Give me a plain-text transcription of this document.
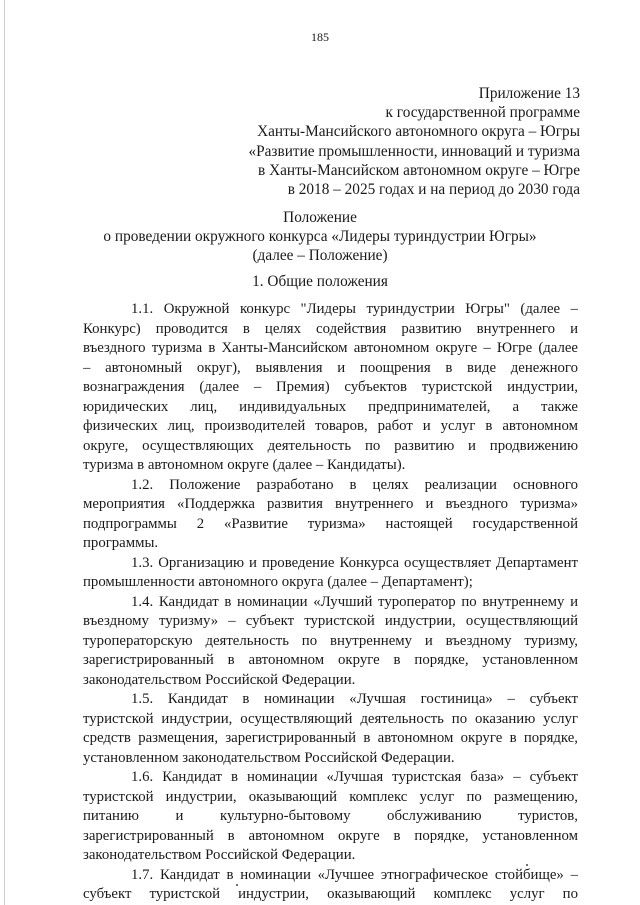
185
Приложение 13
к государственной программе
Ханты-Мансийского автономного округа – Югры
«Развитие промышленности, инноваций и туризма
в Ханты-Мансийском автономном округе – Югре
в 2018 – 2025 годах и на период до 2030 года
Положение
о проведении окружного конкурса «Лидеры туриндустрии Югры»
(далее – Положение)
1. Общие положения
1.1. Окружной конкурс "Лидеры туриндустрии Югры" (далее –
Конкурс) проводится в целях содействия развитию внутреннего и
въездного туризма в Ханты-Мансийском автономном округе – Югре (далее
– автономный округ), выявления и поощрения в виде денежного
вознаграждения (далее – Премия) субъектов туристской индустрии,
юридических лиц, индивидуальных предпринимателей, а также
физических лиц, производителей товаров, работ и услуг в автономном
округе, осуществляющих деятельность по развитию и продвижению
туризма в автономном округе (далее – Кандидаты).
1.2. Положение разработано в целях реализации основного
мероприятия «Поддержка развития внутреннего и въездного туризма»
подпрограммы 2 «Развитие туризма» настоящей государственной
программы.
1.3. Организацию и проведение Конкурса осуществляет Департамент
промышленности автономного округа (далее – Департамент);
1.4. Кандидат в номинации «Лучший туроператор по внутреннему и
въездному туризму» – субъект туристской индустрии, осуществляющий
туроператорскую деятельность по внутреннему и въездному туризму,
зарегистрированный в автономном округе в порядке, установленном
законодательством Российской Федерации.
1.5. Кандидат в номинации «Лучшая гостиница» – субъект
туристской индустрии, осуществляющий деятельность по оказанию услуг
средств размещения, зарегистрированный в автономном округе в порядке,
установленном законодательством Российской Федерации.
1.6. Кандидат в номинации «Лучшая туристская база» – субъект
туристской индустрии, оказывающий комплекс услуг по размещению,
питанию и культурно-бытовому обслуживанию туристов,
зарегистрированный в автономном округе в порядке, установленном
законодательством Российской Федерации.
1.7. Кандидат в номинации «Лучшее этнографическое стойбище» –
субъект туристской индустрии, оказывающий комплекс услуг по
